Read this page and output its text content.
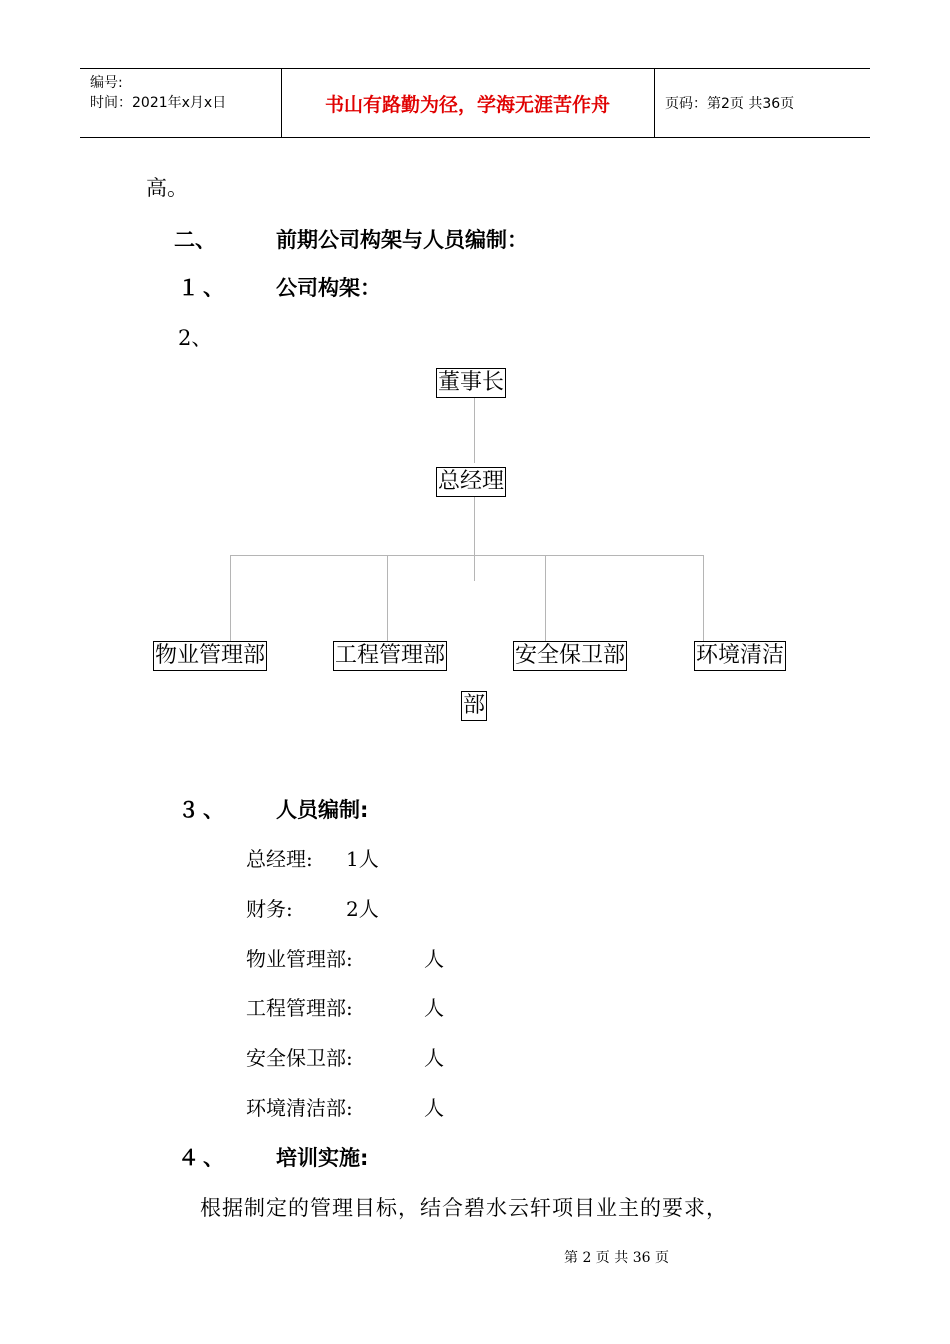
编号:
时间：2021年x月x日	书山有路勤为径，学海无涯苦作舟	页码：第2页 共36页
高。
二、	前期公司构架与人员编制：
１、 公司构架：
2、
董事长
总经理
物业管理部	工程管理部	安全保卫部	环境清洁
部
３、 人员编制:
总经理: 1人
财务:	2人
物业管理部:	人
工程管理部:	人
安全保卫部:	人
环境清洁部:	人
４、 培训实施:
根据制定的管理目标，结合碧水云轩项目业主的要求，
第 2 页 共 36 页
